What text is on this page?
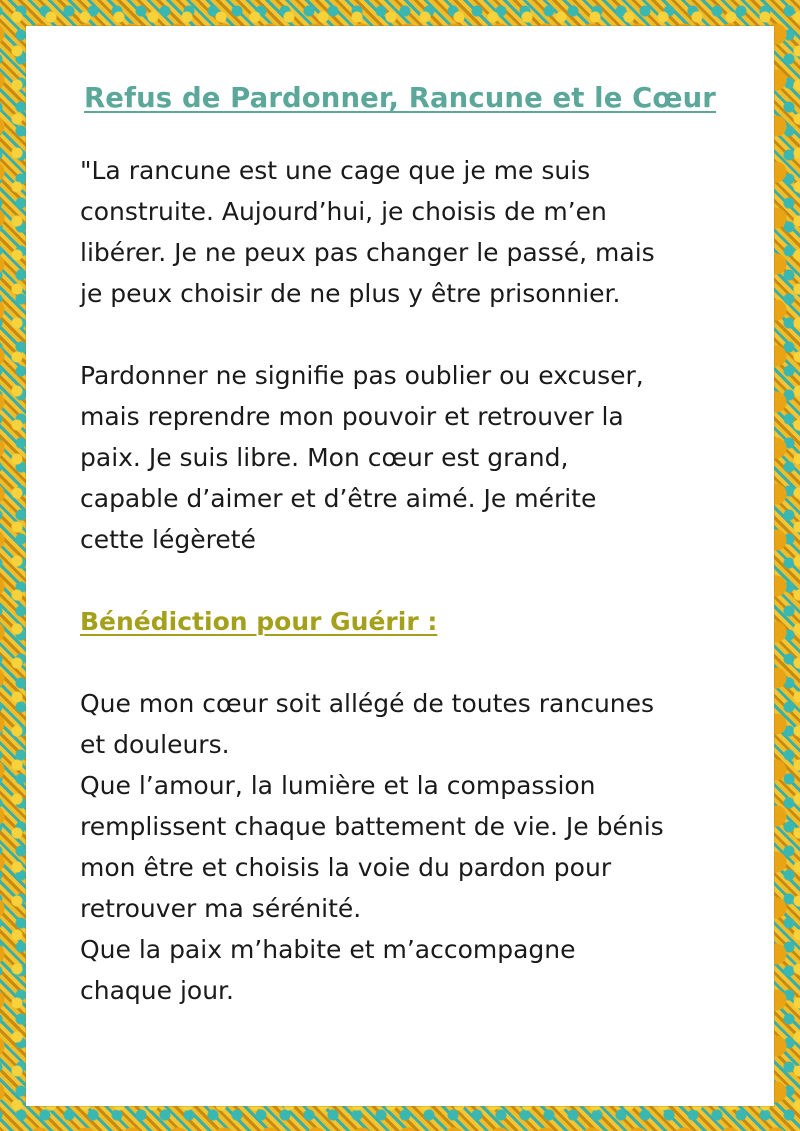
Refus de Pardonner, Rancune et le Cœur

"La rancune est une cage que je me suis
construite. Aujourd’hui, je choisis de m’en
libérer. Je ne peux pas changer le passé, mais
je peux choisir de ne plus y être prisonnier.

Pardonner ne signifie pas oublier ou excuser,
mais reprendre mon pouvoir et retrouver la
paix. Je suis libre. Mon cœur est grand,
capable d’aimer et d’être aimé. Je mérite
cette légèreté

Bénédiction pour Guérir :

Que mon cœur soit allégé de toutes rancunes
et douleurs.
Que l’amour, la lumière et la compassion
remplissent chaque battement de vie. Je bénis
mon être et choisis la voie du pardon pour
retrouver ma sérénité.
Que la paix m’habite et m’accompagne
chaque jour.
